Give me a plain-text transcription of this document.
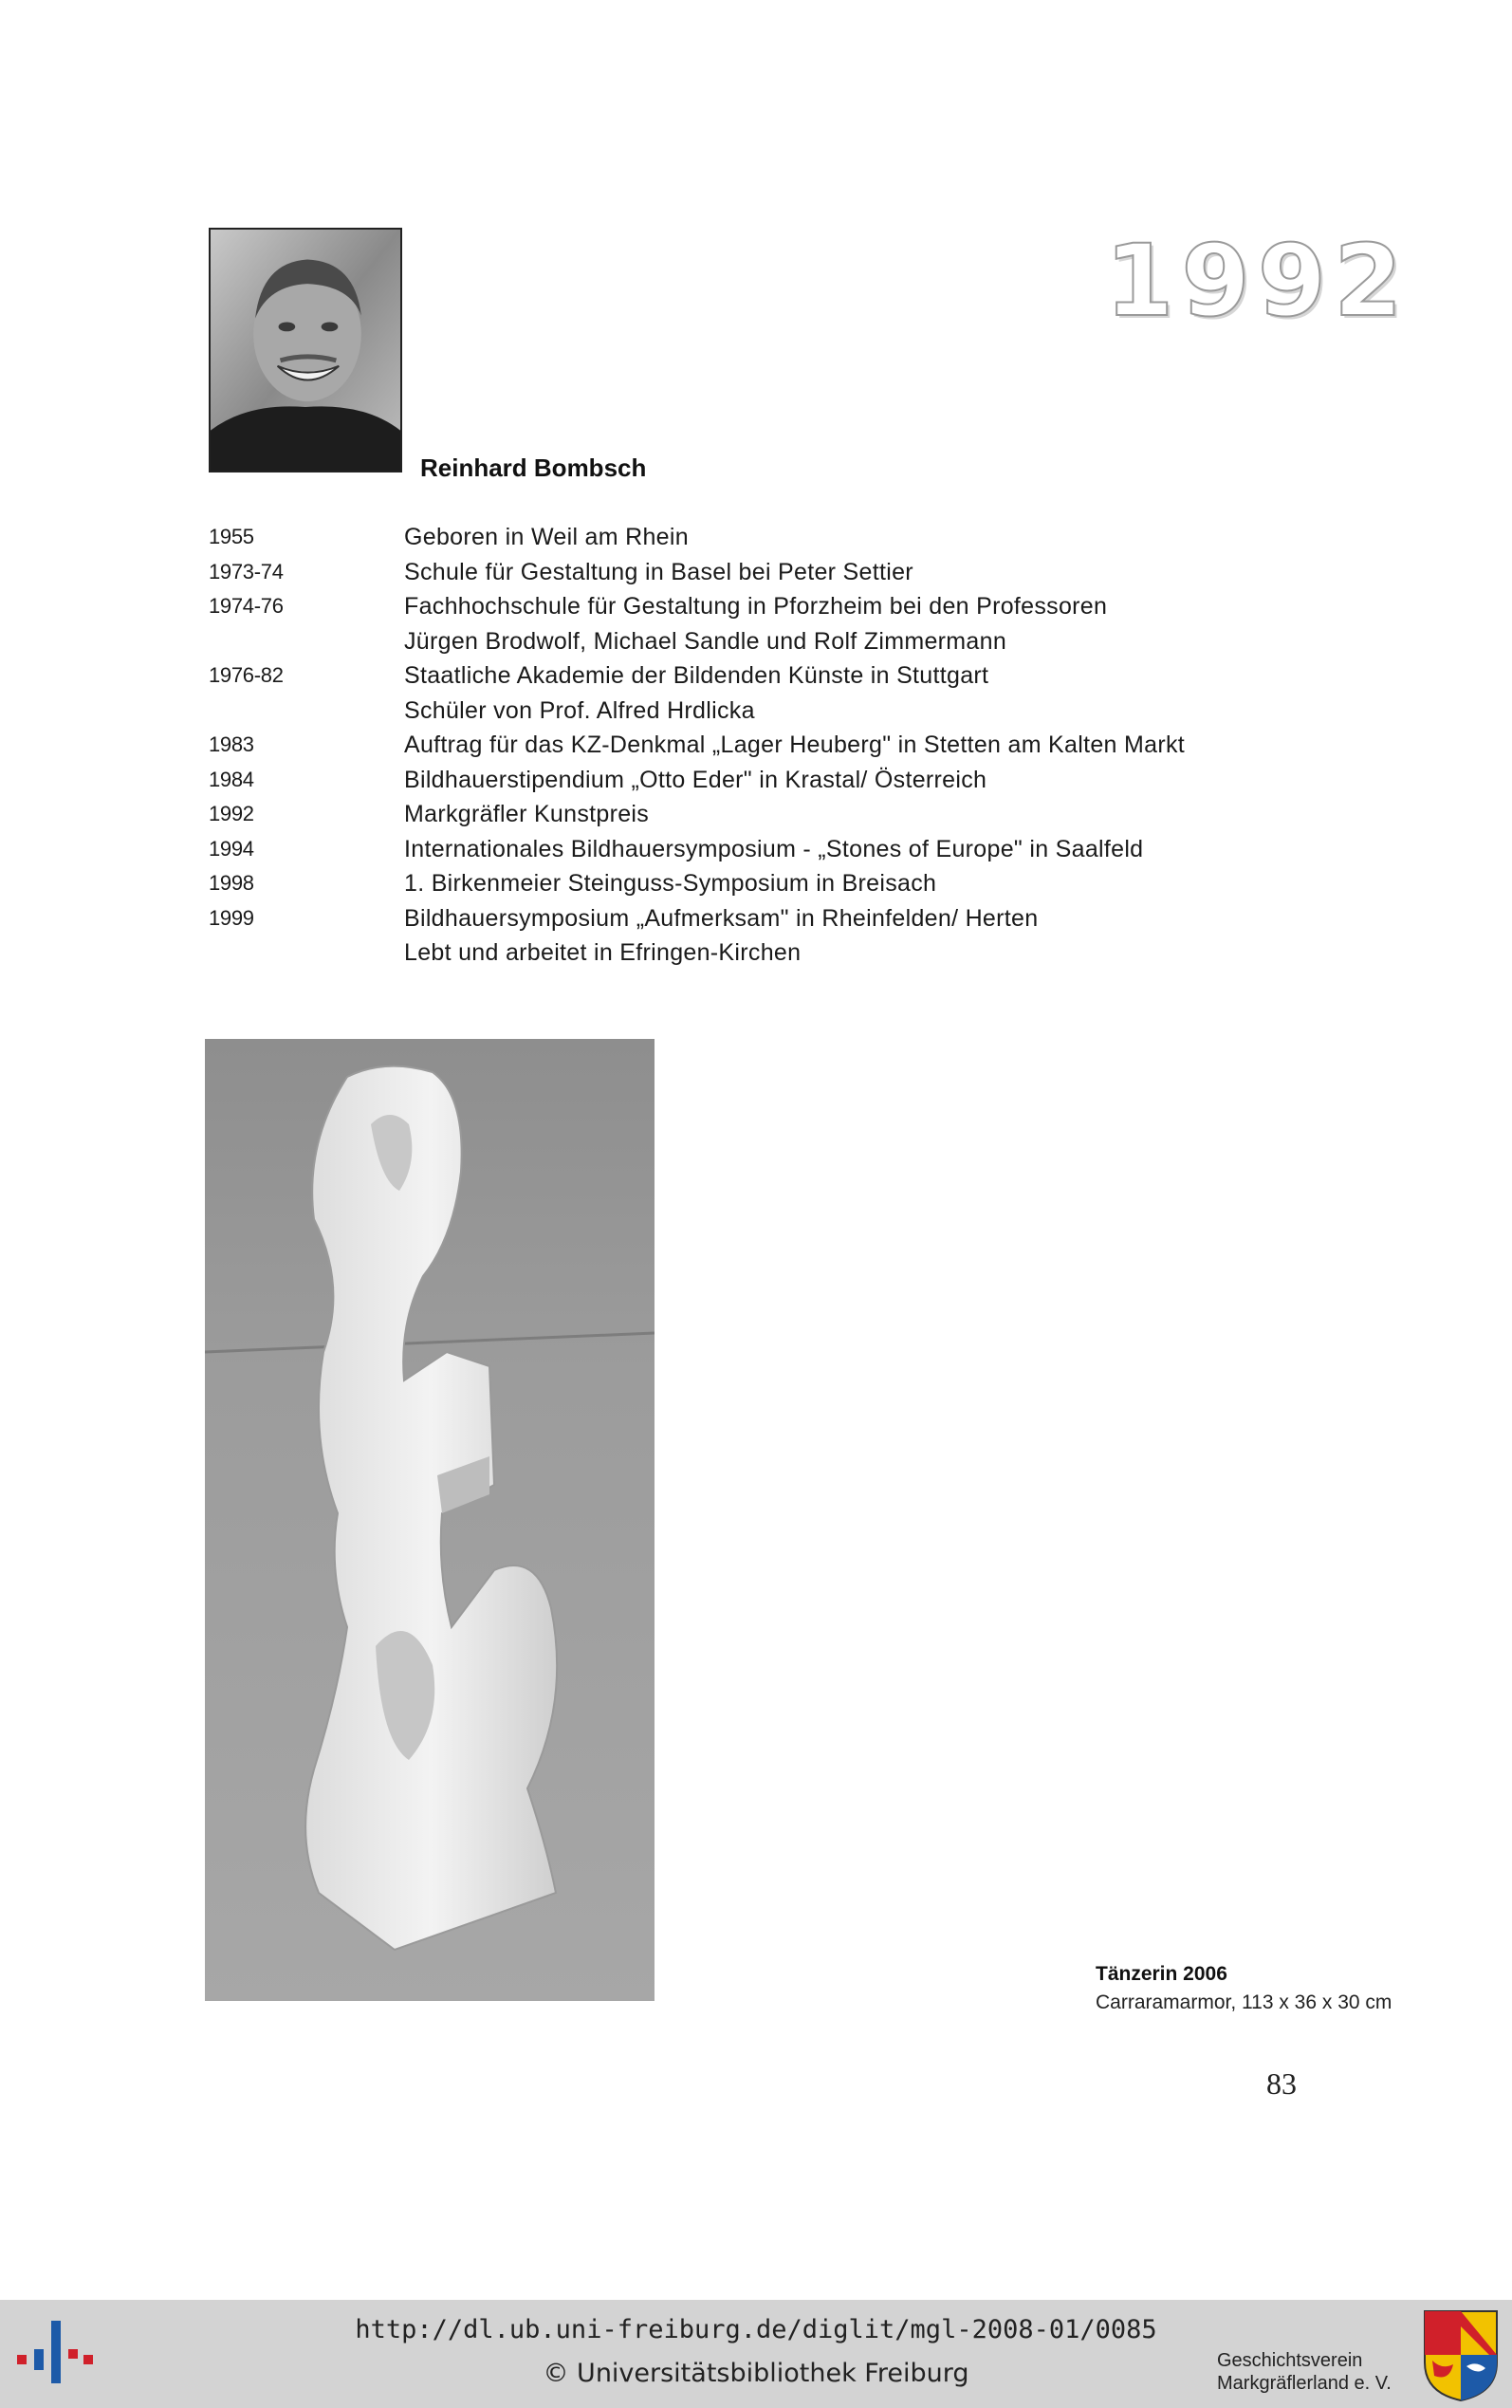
Reinhard Bombsch
1992
1955	Geboren in Weil am Rhein
1973-74	Schule für Gestaltung in Basel bei Peter Settier
1974-76	Fachhochschule für Gestaltung in Pforzheim bei den Professoren
Jürgen Brodwolf, Michael Sandle und Rolf Zimmermann
1976-82	Staatliche Akademie der Bildenden Künste in Stuttgart
Schüler von Prof. Alfred Hrdlicka
1983	Auftrag für das KZ-Denkmal „Lager Heuberg" in Stetten am Kalten Markt
1984	Bildhauerstipendium „Otto Eder" in Krastal/ Österreich
1992	Markgräfler Kunstpreis
1994	Internationales Bildhauersymposium - „Stones of Europe" in Saalfeld
1998	1. Birkenmeier Steinguss-Symposium in Breisach
1999	Bildhauersymposium „Aufmerksam" in Rheinfelden/ Herten
Lebt und arbeitet in Efringen-Kirchen
Tänzerin 2006
Carraramarmor, 113 x 36 x 30 cm
83
http://dl.ub.uni-freiburg.de/diglit/mgl-2008-01/0085
© Universitätsbibliothek Freiburg	Geschichtsverein
Markgräflerland e. V.
